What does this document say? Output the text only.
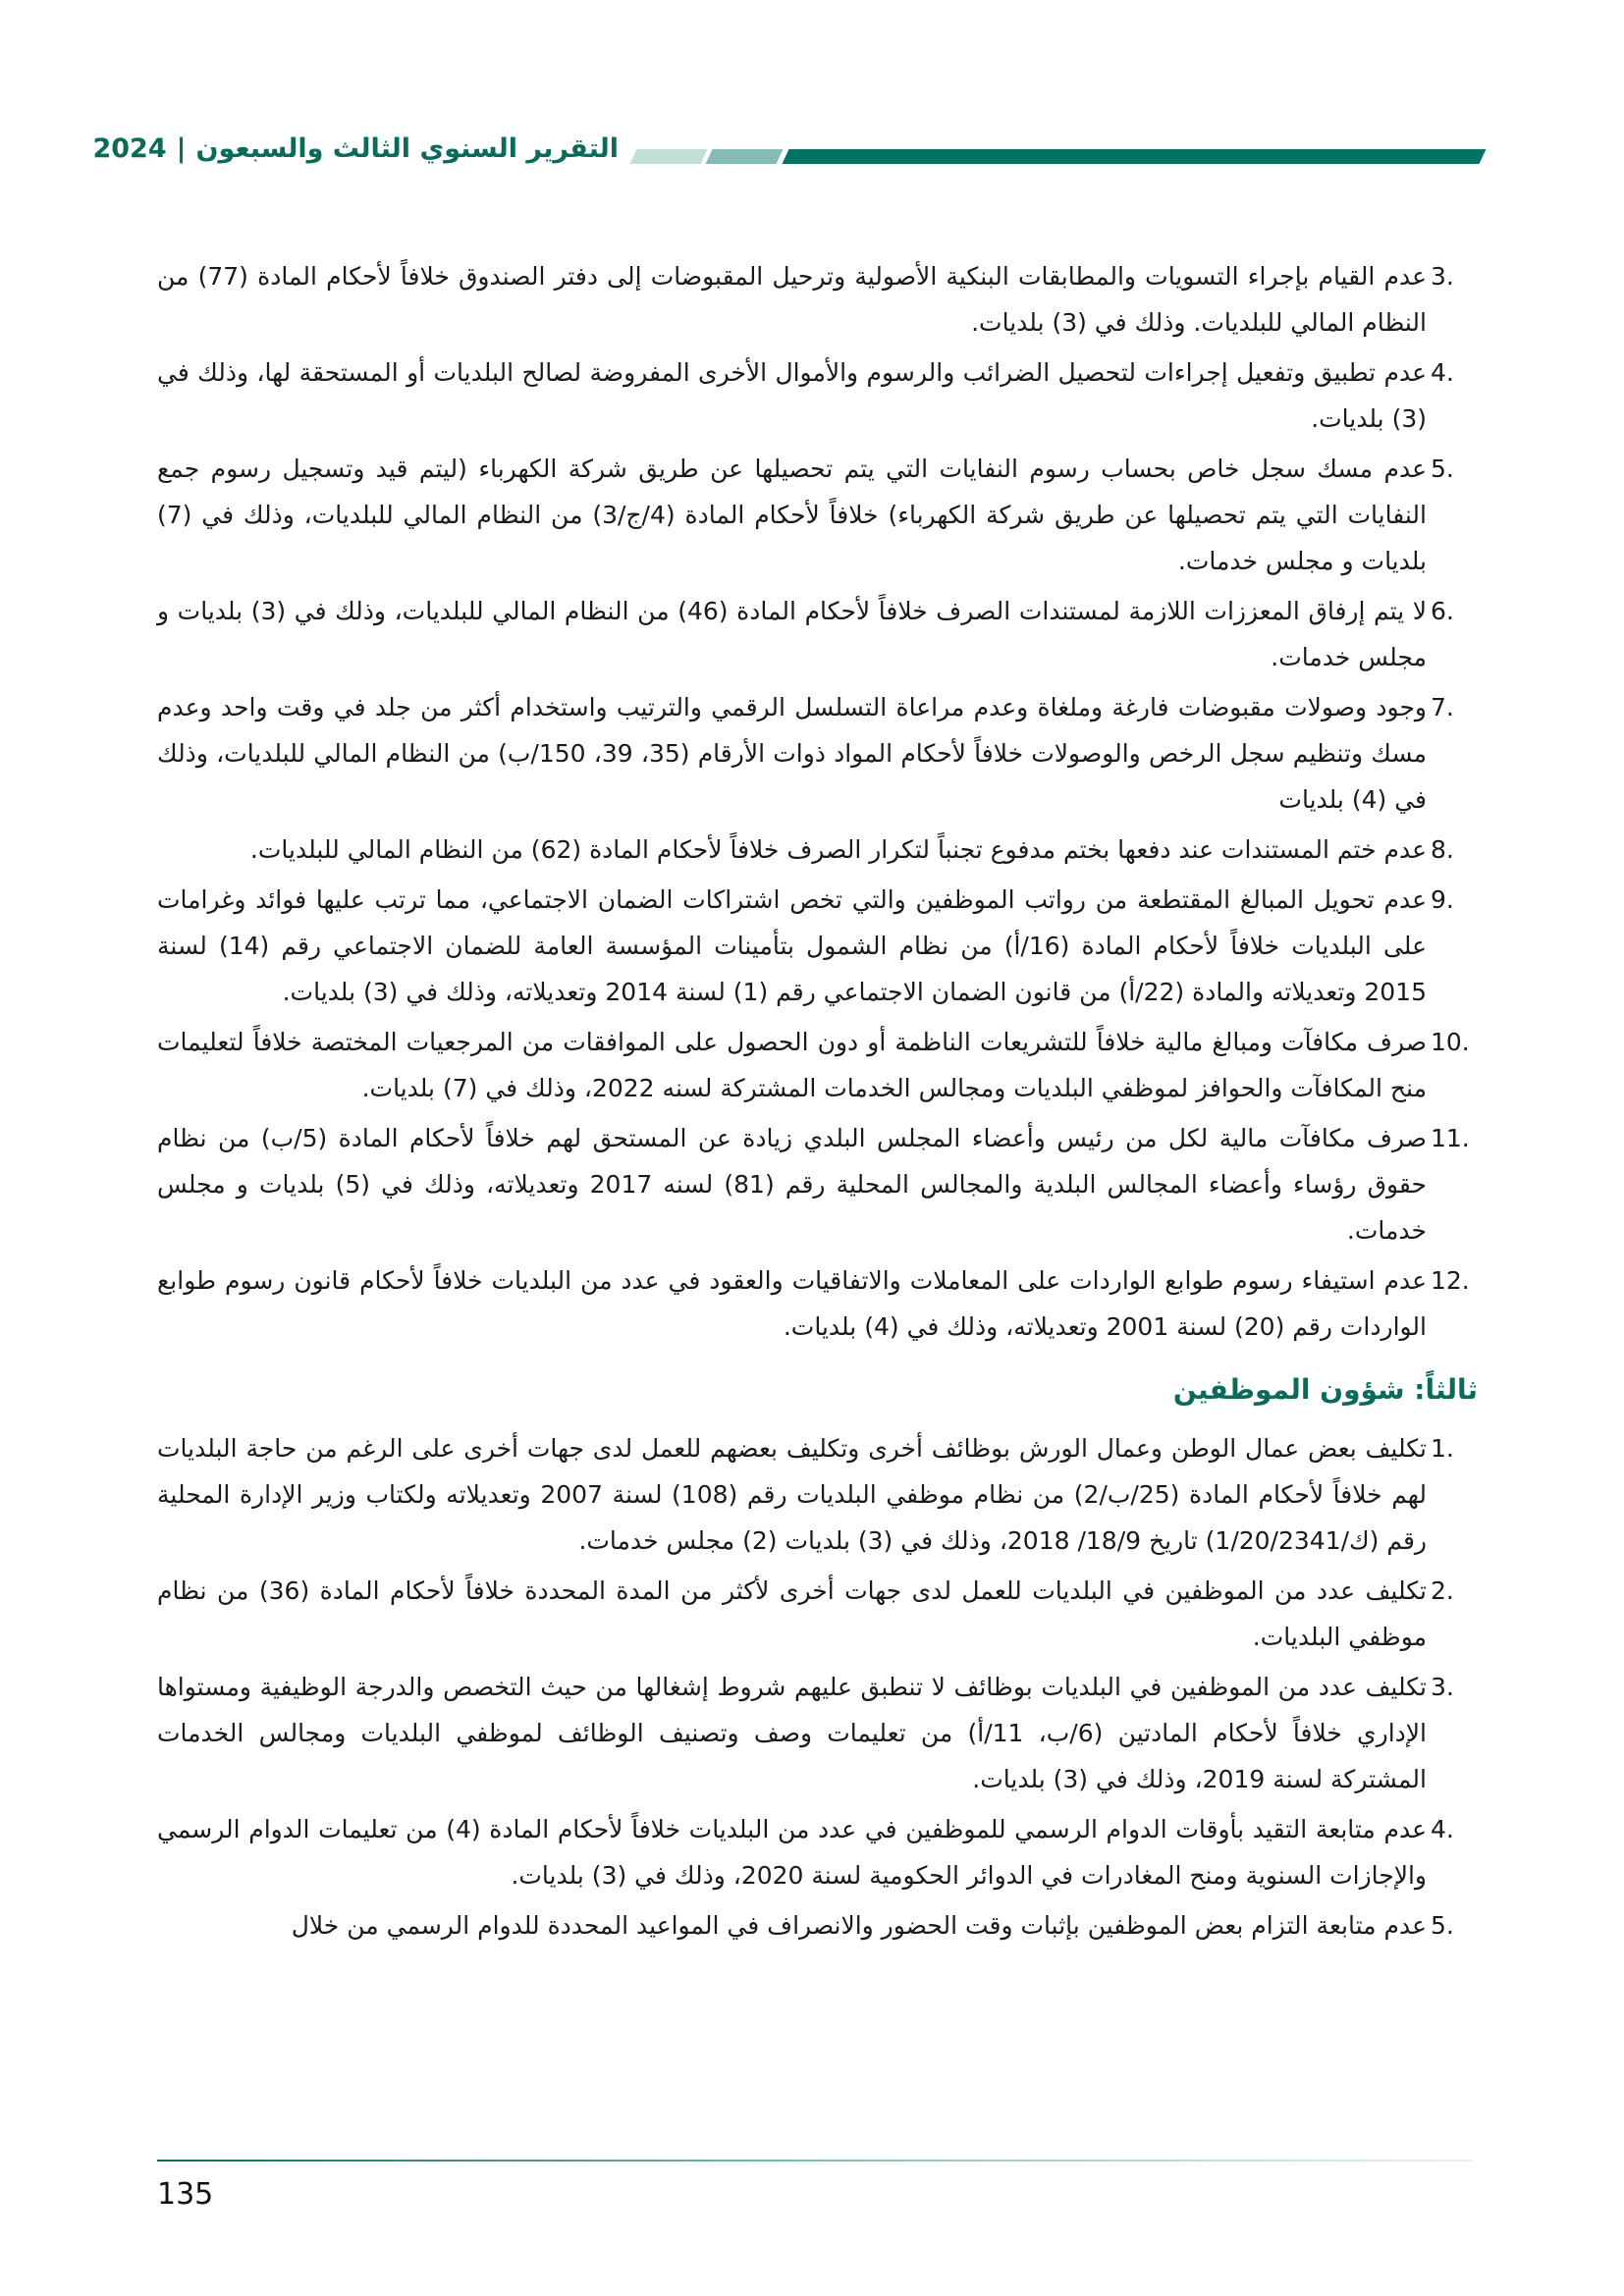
التقرير السنوي الثالث والسبعون|2024
3.
عدم القيام بإجراء التسويات والمطابقات البنكية الأصولية وترحيل المقبوضات إلى دفتر الصندوق خلافاً لأحكام المادة (77) من النظام المالي للبلديات. وذلك في (3) بلديات.
4.
عدم تطبيق وتفعيل إجراءات لتحصيل الضرائب والرسوم والأموال الأخرى المفروضة لصالح البلديات أو المستحقة لها، وذلك في (3) بلديات.
5.
عدم مسك سجل خاص بحساب رسوم النفايات التي يتم تحصيلها عن طريق شركة الكهرباء (ليتم قيد وتسجيل رسوم جمع النفايات التي يتم تحصيلها عن طريق شركة الكهرباء) خلافاً لأحكام المادة (4/ج/3) من النظام المالي للبلديات، وذلك في (7) بلديات و مجلس خدمات.
6.
لا يتم إرفاق المعززات اللازمة لمستندات الصرف خلافاً لأحكام المادة (46) من النظام المالي للبلديات، وذلك في (3) بلديات و مجلس خدمات.
7.
وجود وصولات مقبوضات فارغة وملغاة وعدم مراعاة التسلسل الرقمي والترتيب واستخدام أكثر من جلد في وقت واحد وعدم مسك وتنظيم سجل الرخص والوصولات خلافاً لأحكام المواد ذوات الأرقام (35، 39، 150/ب) من النظام المالي للبلديات، وذلك في (4) بلديات
8.
عدم ختم المستندات عند دفعها بختم مدفوع تجنباً لتكرار الصرف خلافاً لأحكام المادة (62) من النظام المالي للبلديات.
9.
عدم تحويل المبالغ المقتطعة من رواتب الموظفين والتي تخص اشتراكات الضمان الاجتماعي، مما ترتب عليها فوائد وغرامات على البلديات خلافاً لأحكام المادة (16/أ) من نظام الشمول بتأمينات المؤسسة العامة للضمان الاجتماعي رقم (14) لسنة 2015 وتعديلاته والمادة (22/أ) من قانون الضمان الاجتماعي رقم (1) لسنة 2014 وتعديلاته، وذلك في (3) بلديات.
10.
صرف مكافآت ومبالغ مالية خلافاً للتشريعات الناظمة أو دون الحصول على الموافقات من المرجعيات المختصة خلافاً لتعليمات منح المكافآت والحوافز لموظفي البلديات ومجالس الخدمات المشتركة لسنه 2022، وذلك في (7) بلديات.
11.
صرف مكافآت مالية لكل من رئيس وأعضاء المجلس البلدي زيادة عن المستحق لهم خلافاً لأحكام المادة (5/ب) من نظام حقوق رؤساء وأعضاء المجالس البلدية والمجالس المحلية رقم (81) لسنه 2017 وتعديلاته، وذلك في (5) بلديات و مجلس خدمات.
12.
عدم استيفاء رسوم طوابع الواردات على المعاملات والاتفاقيات والعقود في عدد من البلديات خلافاً لأحكام قانون رسوم طوابع الواردات رقم (20) لسنة 2001 وتعديلاته، وذلك في (4) بلديات.
ثالثاً: شؤون الموظفين
1.
تكليف بعض عمال الوطن وعمال الورش بوظائف أخرى وتكليف بعضهم للعمل لدى جهات أخرى على الرغم من حاجة البلديات لهم خلافاً لأحكام المادة (25/ب/2) من نظام موظفي البلديات رقم (108) لسنة 2007 وتعديلاته ولكتاب وزير الإدارة المحلية رقم (ك/1/20/2341) تاريخ 18/9/ 2018، وذلك في (3) بلديات (2) مجلس خدمات.
2.
تكليف عدد من الموظفين في البلديات للعمل لدى جهات أخرى لأكثر من المدة المحددة خلافاً لأحكام المادة (36) من نظام موظفي البلديات.
3.
تكليف عدد من الموظفين في البلديات بوظائف لا تنطبق عليهم شروط إشغالها من حيث التخصص والدرجة الوظيفية ومستواها الإداري خلافاً لأحكام المادتين (6/ب، 11/أ) من تعليمات وصف وتصنيف الوظائف لموظفي البلديات ومجالس الخدمات المشتركة لسنة 2019، وذلك في (3) بلديات.
4.
عدم متابعة التقيد بأوقات الدوام الرسمي للموظفين في عدد من البلديات خلافاً لأحكام المادة (4) من تعليمات الدوام الرسمي والإجازات السنوية ومنح المغادرات في الدوائر الحكومية لسنة 2020، وذلك في (3) بلديات.
5.
عدم متابعة التزام بعض الموظفين بإثبات وقت الحضور والانصراف في المواعيد المحددة للدوام الرسمي من خلال
135
